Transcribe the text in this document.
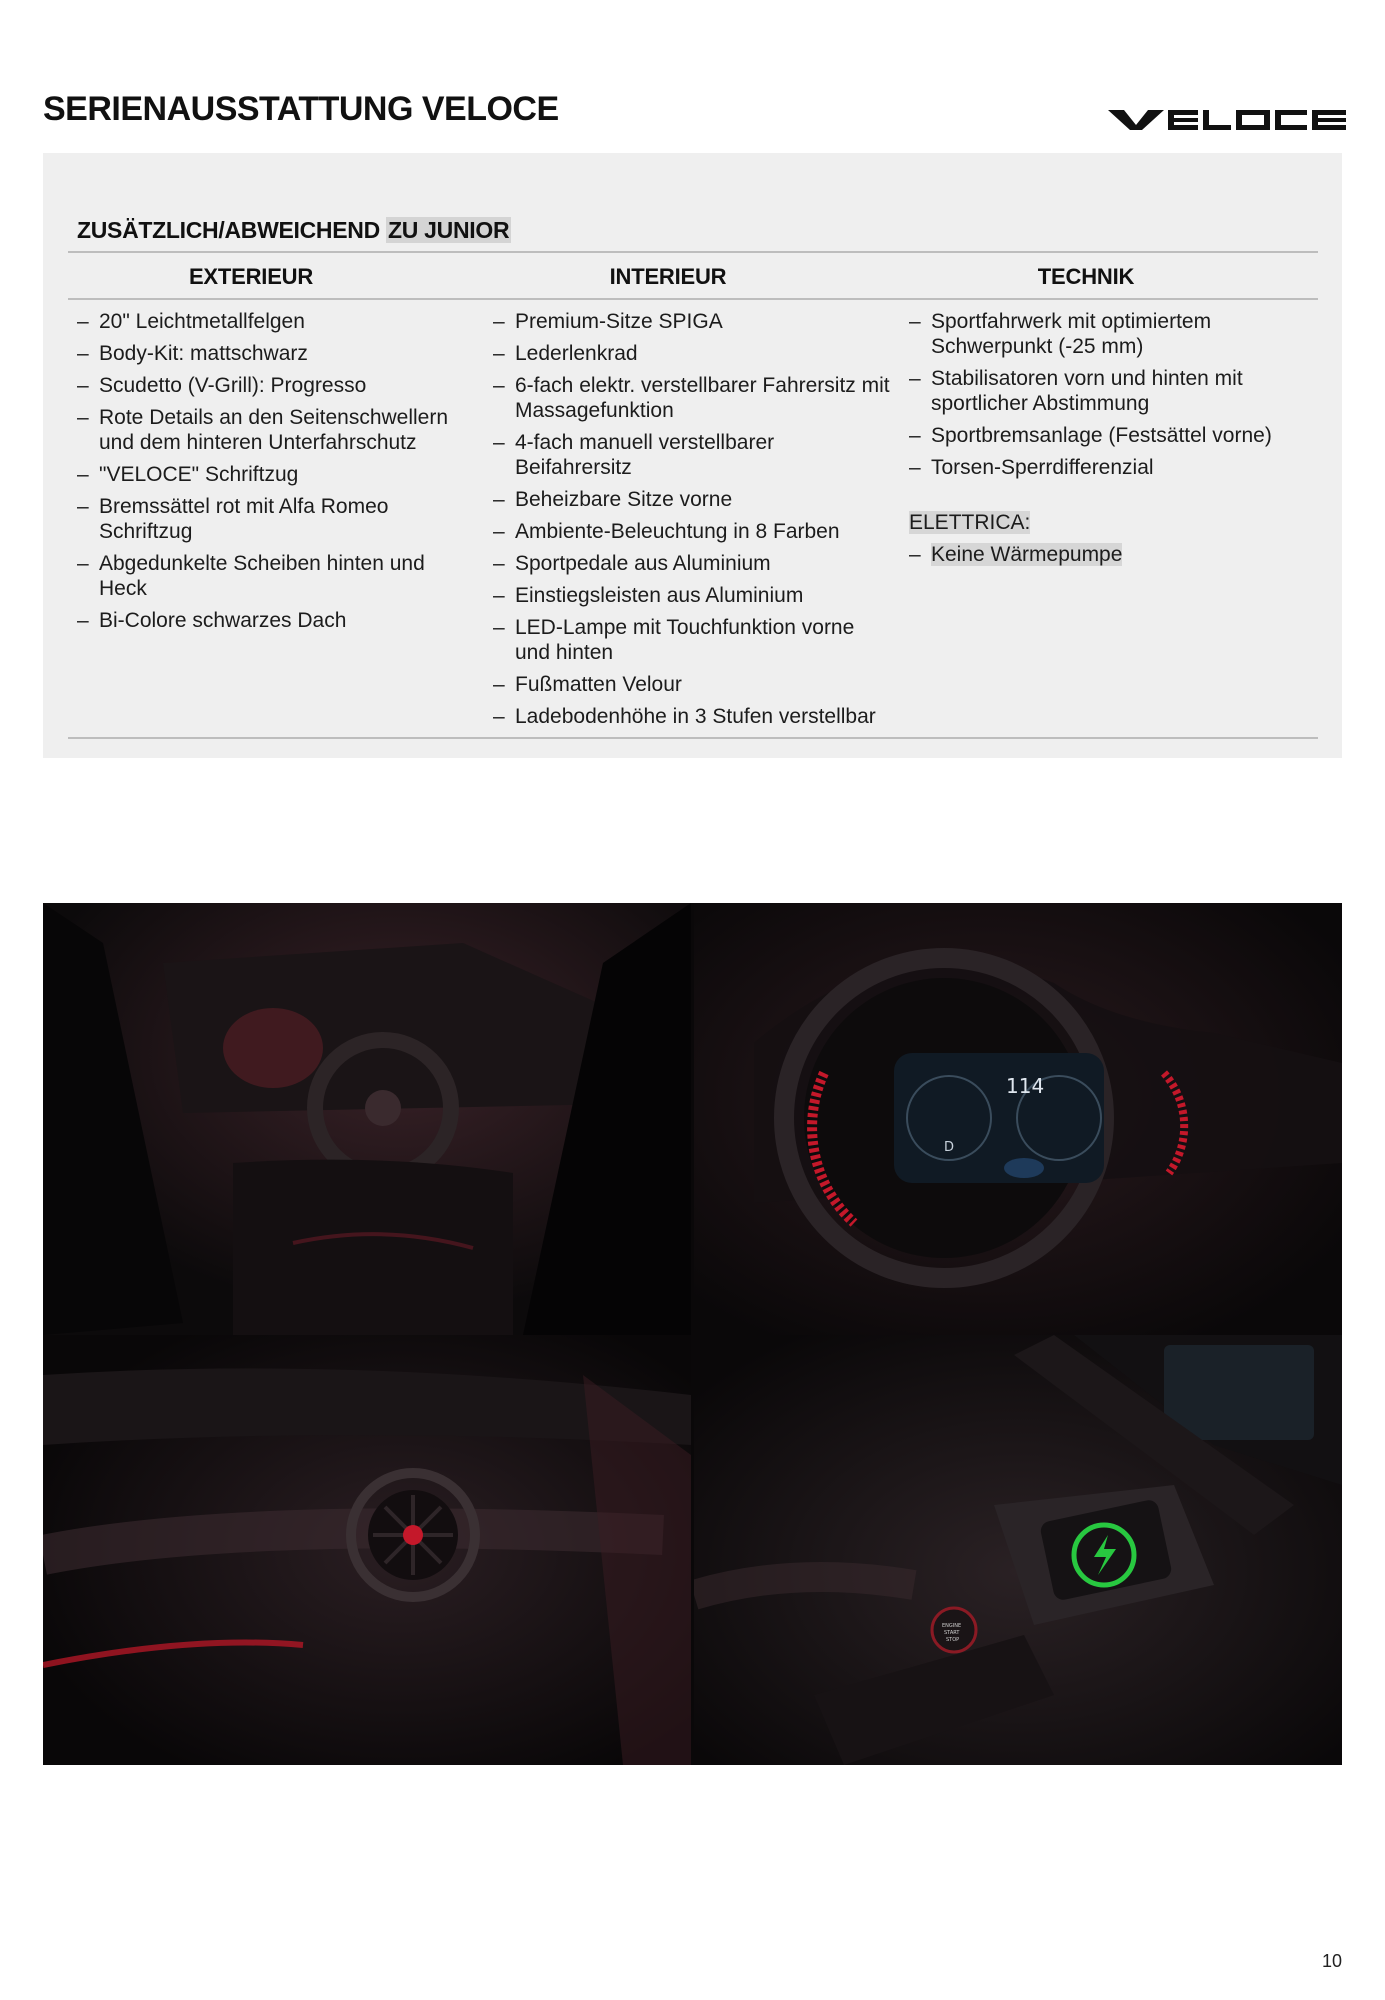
SERIENAUSSTATTUNG VELOCE
ZUSÄTZLICH/ABWEICHEND ZU JUNIOR
EXTERIEUR	INTERIEUR	TECHNIK
– 20" Leichtmetallfelgen
– Body-Kit: mattschwarz
– Scudetto (V-Grill): Progresso
– Rote Details an den Seitenschwellern und dem hinteren Unterfahrschutz
– "VELOCE" Schriftzug
– Bremssättel rot mit Alfa Romeo Schriftzug
– Abgedunkelte Scheiben hinten und Heck
– Bi-Colore schwarzes Dach
– Premium-Sitze SPIGA
– Lederlenkrad
– 6-fach elektr. verstellbarer Fahrersitz mit Massagefunktion
– 4-fach manuell verstellbarer Beifahrersitz
– Beheizbare Sitze vorne
– Ambiente-Beleuchtung in 8 Farben
– Sportpedale aus Aluminium
– Einstiegsleisten aus Aluminium
– LED-Lampe mit Touchfunktion vorne und hinten
– Fußmatten Velour
– Ladebodenhöhe in 3 Stufen verstellbar
– Sportfahrwerk mit optimiertem Schwerpunkt (-25 mm)
– Stabilisatoren vorn und hinten mit sportlicher Abstimmung
– Sportbremsanlage (Festsättel vorne)
– Torsen-Sperrdifferenzial
ELETTRICA:
– Keine Wärmepumpe
114
D
ENGINE
START
STOP
10
